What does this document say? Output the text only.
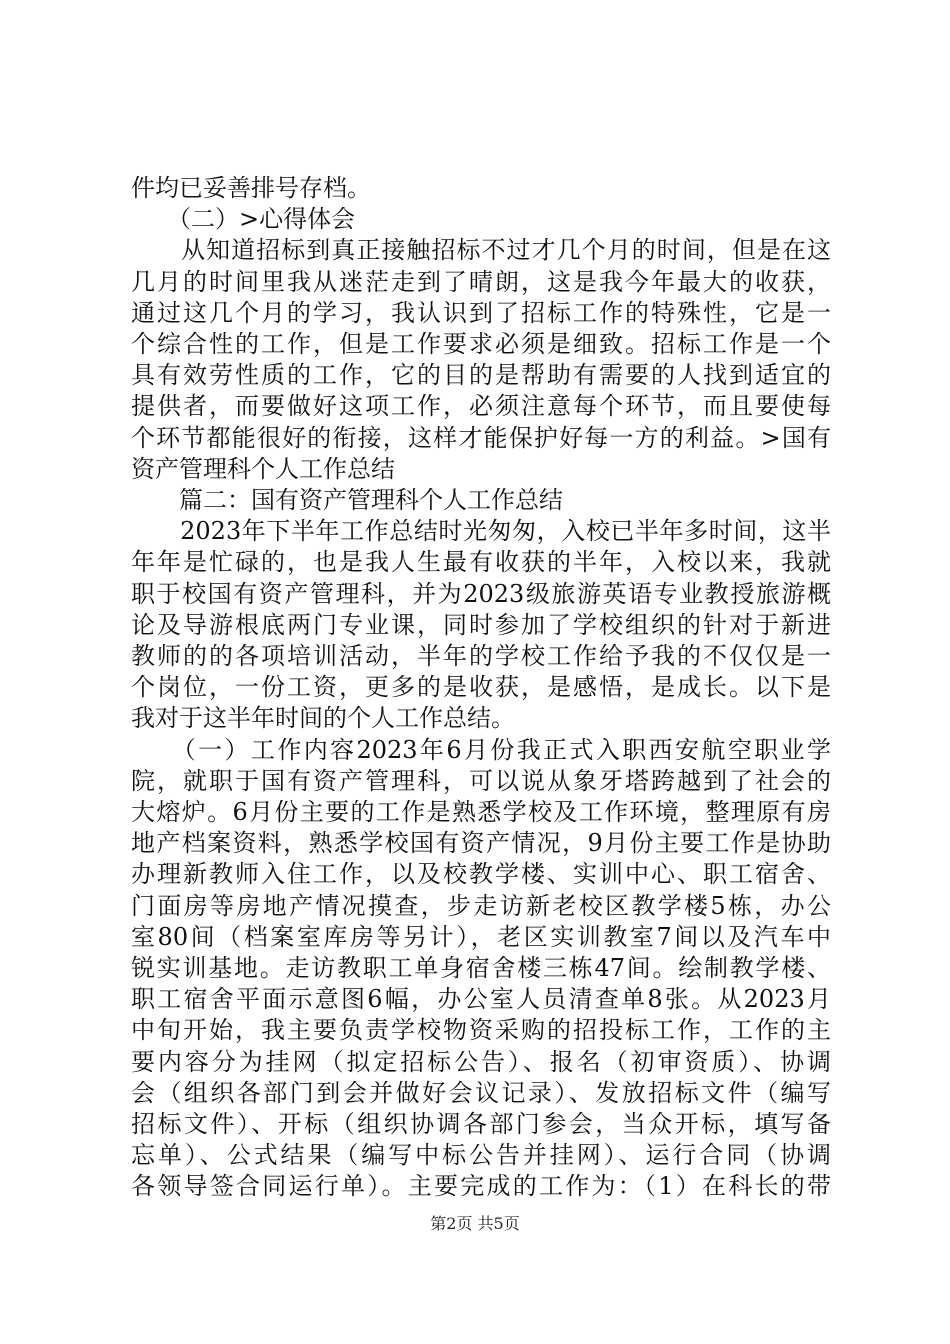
件均已妥善排号存档。
　　（二）>心得体会
　　从知道招标到真正接触招标不过才几个月的时间，但是在这
几月的时间里我从迷茫走到了晴朗，这是我今年最大的收获，
通过这几个月的学习，我认识到了招标工作的特殊性，它是一
个综合性的工作，但是工作要求必须是细致。招标工作是一个
具有效劳性质的工作，它的目的是帮助有需要的人找到适宜的
提供者，而要做好这项工作，必须注意每个环节，而且要使每
个环节都能很好的衔接，这样才能保护好每一方的利益。>国有
资产管理科个人工作总结
　　篇二：国有资产管理科个人工作总结
　　2023年下半年工作总结时光匆匆，入校已半年多时间，这半
年年是忙碌的，也是我人生最有收获的半年，入校以来，我就
职于校国有资产管理科，并为2023级旅游英语专业教授旅游概
论及导游根底两门专业课，同时参加了学校组织的针对于新进
教师的的各项培训活动，半年的学校工作给予我的不仅仅是一
个岗位，一份工资，更多的是收获，是感悟，是成长。以下是
我对于这半年时间的个人工作总结。
　　（一）工作内容2023年6月份我正式入职西安航空职业学
院，就职于国有资产管理科，可以说从象牙塔跨越到了社会的
大熔炉。6月份主要的工作是熟悉学校及工作环境，整理原有房
地产档案资料，熟悉学校国有资产情况，9月份主要工作是协助
办理新教师入住工作，以及校教学楼、实训中心、职工宿舍、
门面房等房地产情况摸查，步走访新老校区教学楼5栋，办公
室80间（档案室库房等另计），老区实训教室7间以及汽车中
锐实训基地。走访教职工单身宿舍楼三栋47间。绘制教学楼、
职工宿舍平面示意图6幅，办公室人员清查单8张。从2023月
中旬开始，我主要负责学校物资采购的招投标工作，工作的主
要内容分为挂网（拟定招标公告）、报名（初审资质）、协调
会（组织各部门到会并做好会议记录）、发放招标文件（编写
招标文件）、开标（组织协调各部门参会，当众开标，填写备
忘单）、公式结果（编写中标公告并挂网）、运行合同（协调
各领导签合同运行单）。主要完成的工作为：（1）在科长的带
第2页 共5页
